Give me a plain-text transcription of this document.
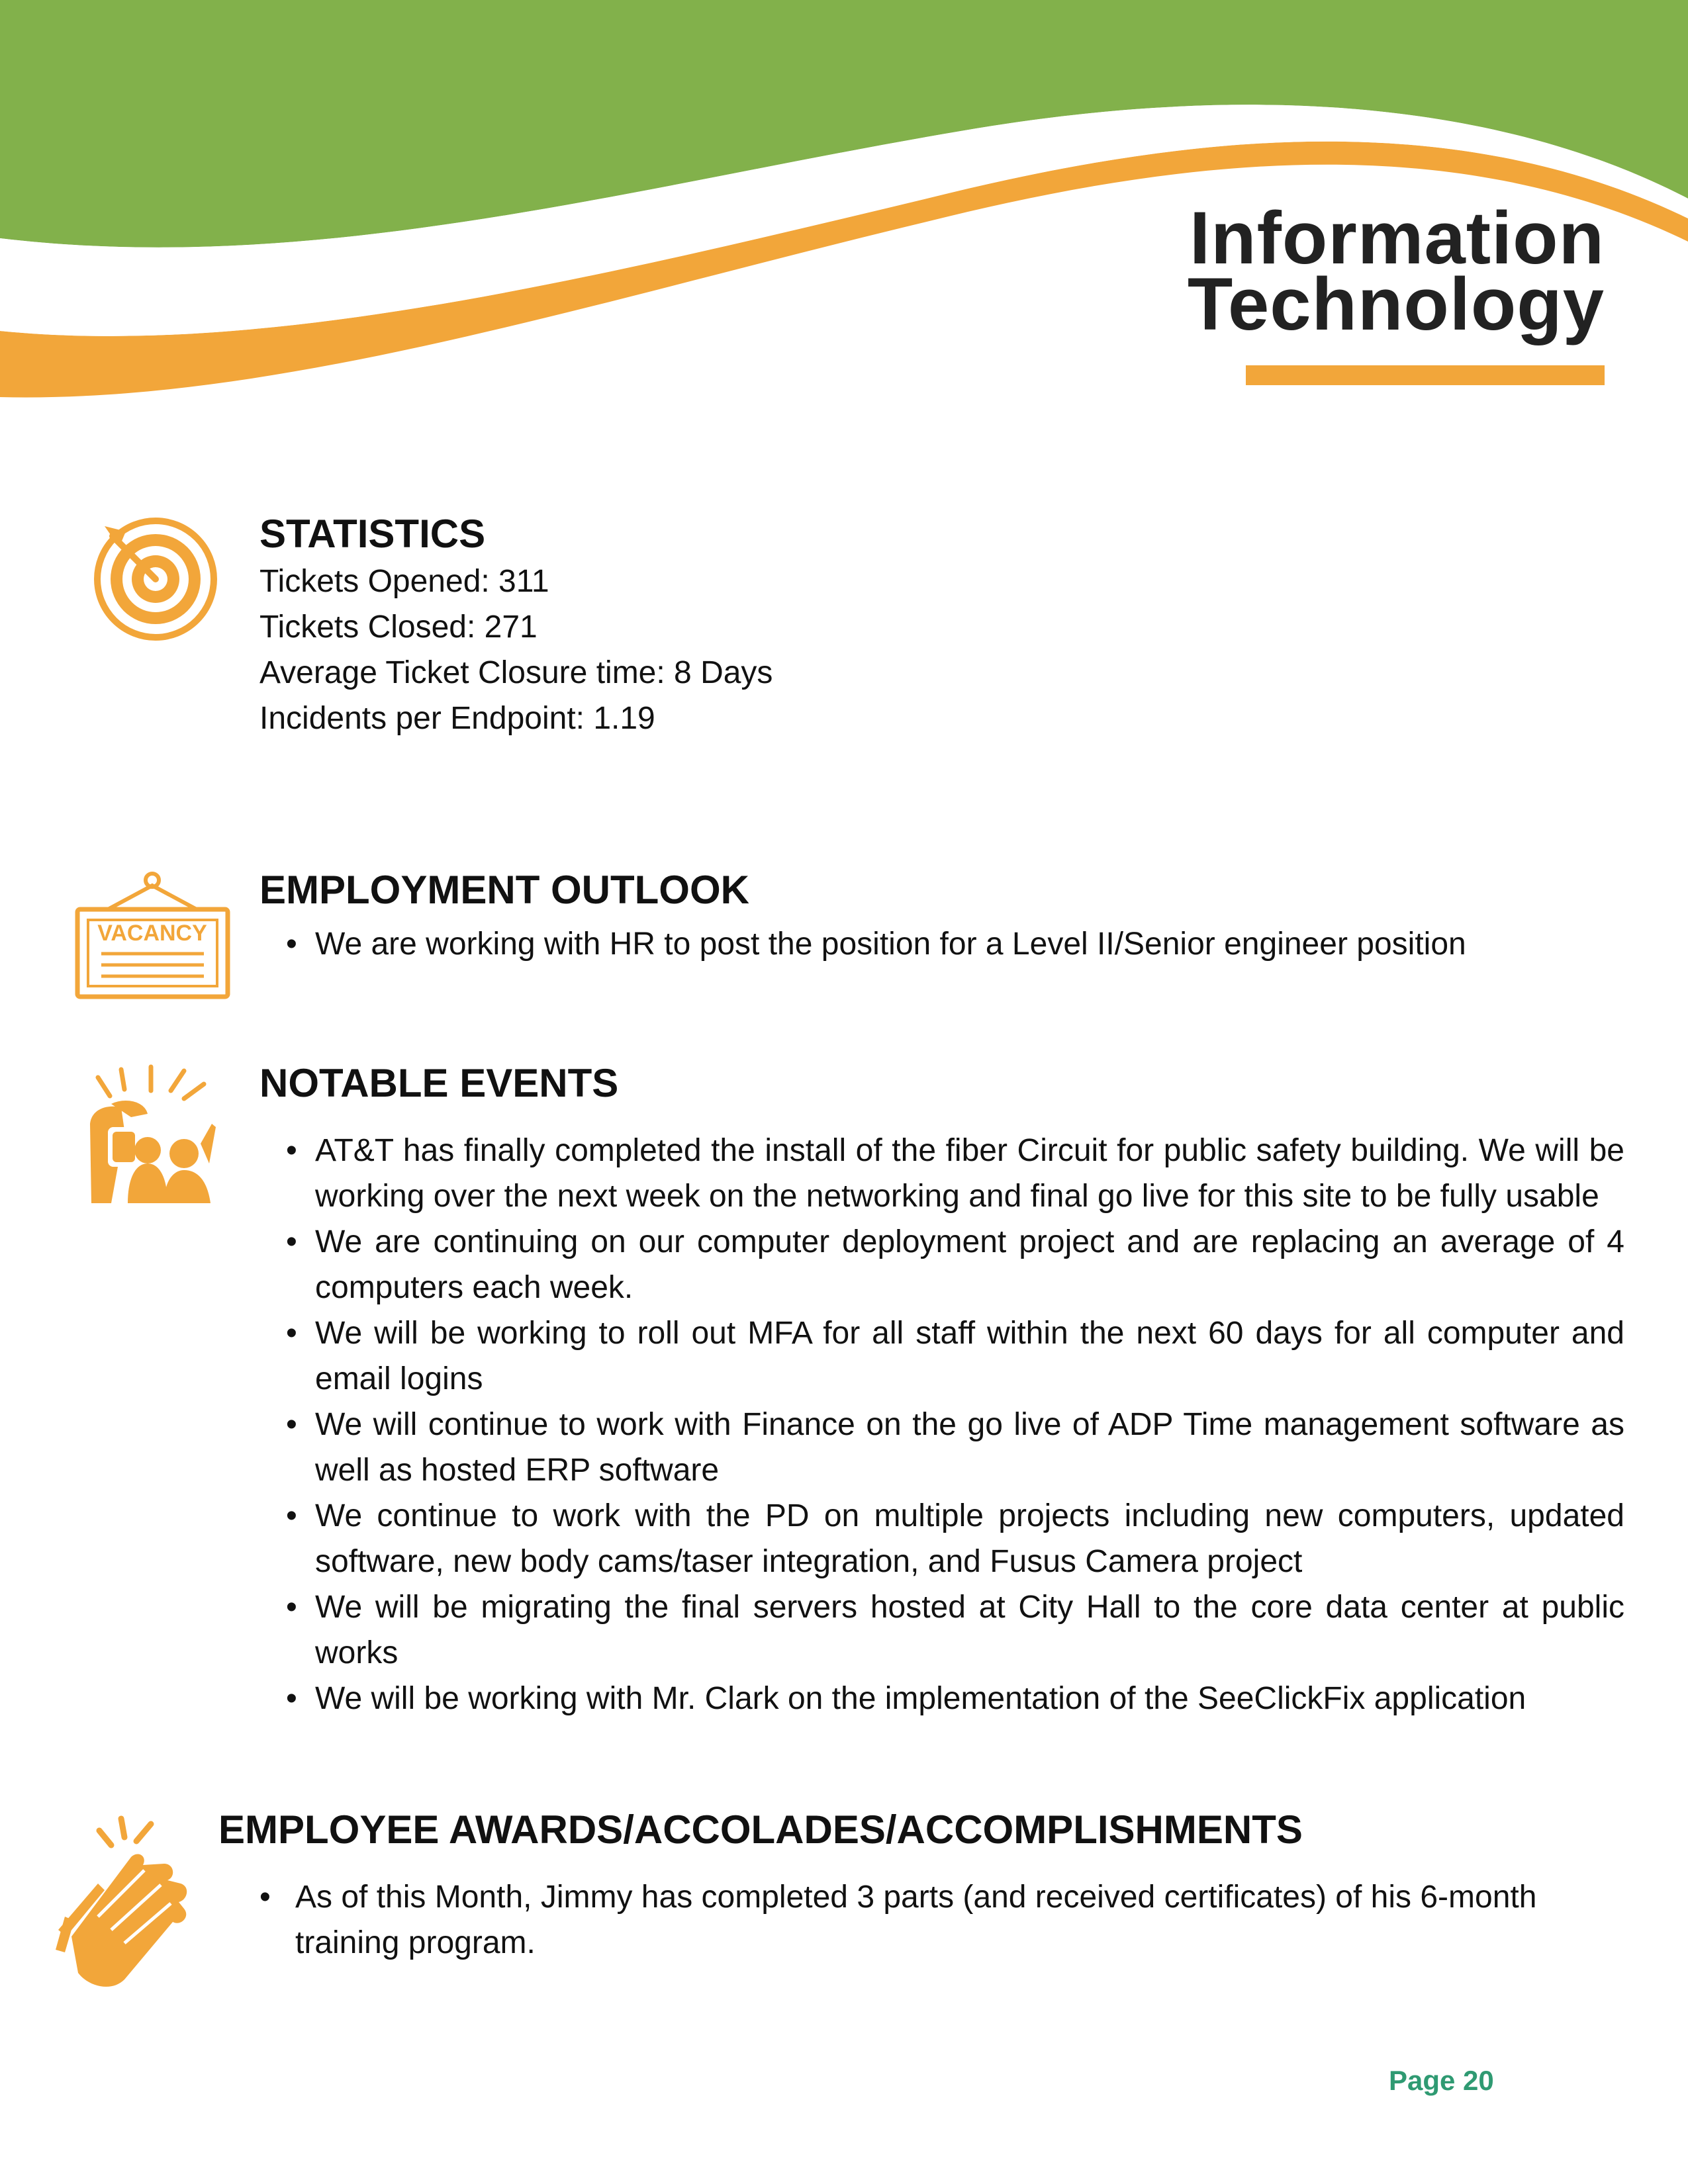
Information
Technology
STATISTICS
Tickets Opened: 311
Tickets Closed: 271
Average Ticket Closure time: 8 Days
Incidents per Endpoint: 1.19
VACANCY
EMPLOYMENT OUTLOOK
• We are working with HR to post the position for a Level II/Senior engineer position
NOTABLE EVENTS
• AT&T has finally completed the install of the fiber Circuit for public safety building. We will be working over the next week on the networking and final go live for this site to be fully usable
• We are continuing on our computer deployment project and are replacing an average of 4 computers each week.
• We will be working to roll out MFA for all staff within the next 60 days for all computer and email logins
• We will continue to work with Finance on the go live of ADP Time management software as well as hosted ERP software
• We continue to work with the PD on multiple projects including new computers, updated software, new body cams/taser integration, and Fusus Camera project
• We will be migrating the final servers hosted at City Hall to the core data center at public works
• We will be working with Mr. Clark on the implementation of the SeeClickFix application
EMPLOYEE AWARDS/ACCOLADES/ACCOMPLISHMENTS
• As of this Month, Jimmy has completed 3 parts (and received certificates) of his 6-month training program.
Page 20
